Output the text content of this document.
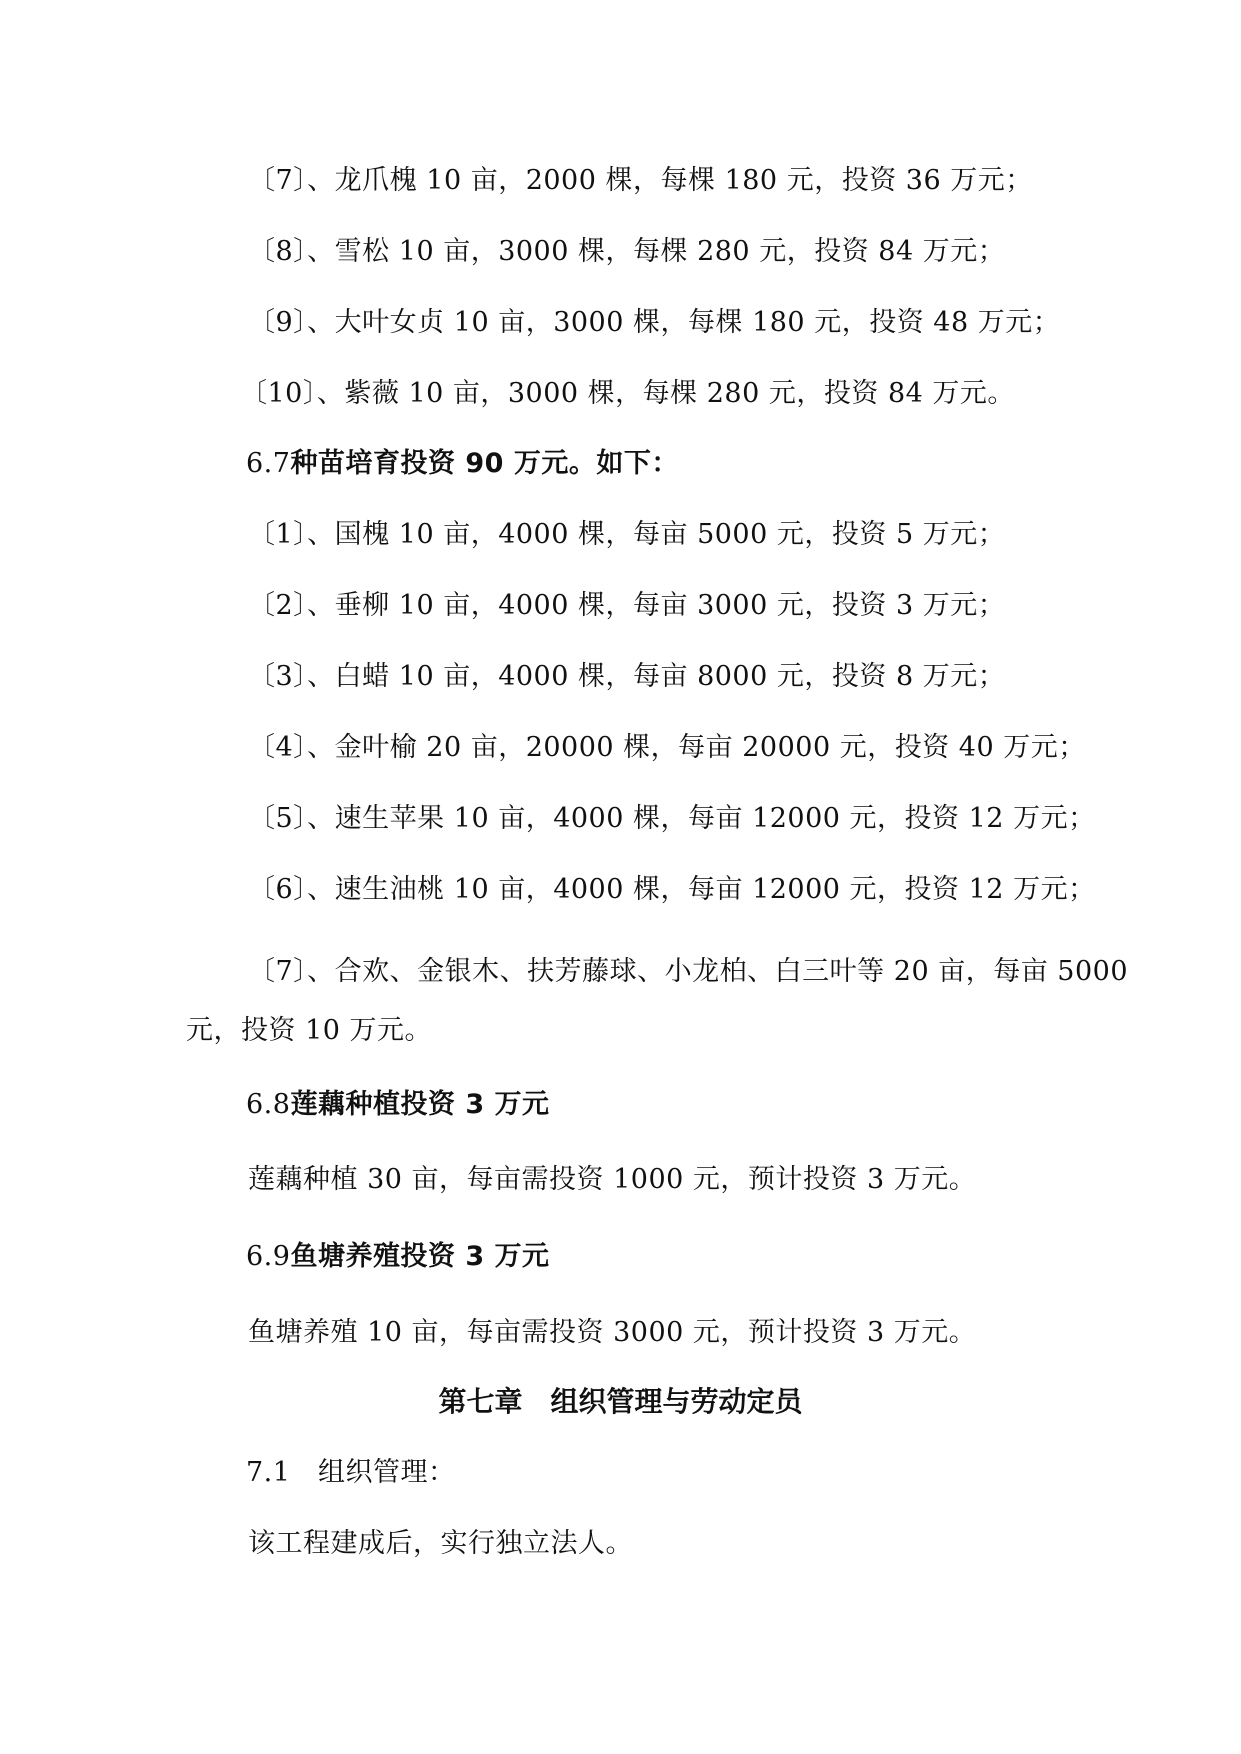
〔7〕、龙爪槐 10 亩，2000 棵，每棵 180 元，投资 36 万元；
〔8〕、雪松 10 亩，3000 棵，每棵 280 元，投资 84 万元；
〔9〕、大叶女贞 10 亩，3000 棵，每棵 180 元，投资 48 万元；
〔10〕、紫薇 10 亩，3000 棵，每棵 280 元，投资 84 万元。
6.7种苗培育投资 90 万元。如下：
〔1〕、国槐 10 亩，4000 棵，每亩 5000 元，投资 5 万元；
〔2〕、垂柳 10 亩，4000 棵，每亩 3000 元，投资 3 万元；
〔3〕、白蜡 10 亩，4000 棵，每亩 8000 元，投资 8 万元；
〔4〕、金叶榆 20 亩，20000 棵，每亩 20000 元，投资 40 万元；
〔5〕、速生苹果 10 亩，4000 棵，每亩 12000 元，投资 12 万元；
〔6〕、速生油桃 10 亩，4000 棵，每亩 12000 元，投资 12 万元；
〔7〕、合欢、金银木、扶芳藤球、小龙柏、白三叶等 20 亩，每亩 5000
元，投资 10 万元。
6.8莲藕种植投资 3 万元
莲藕种植 30 亩，每亩需投资 1000 元，预计投资 3 万元。
6.9鱼塘养殖投资 3 万元
鱼塘养殖 10 亩，每亩需投资 3000 元，预计投资 3 万元。
第七章　组织管理与劳动定员
7.1　组织管理：
该工程建成后，实行独立法人。
